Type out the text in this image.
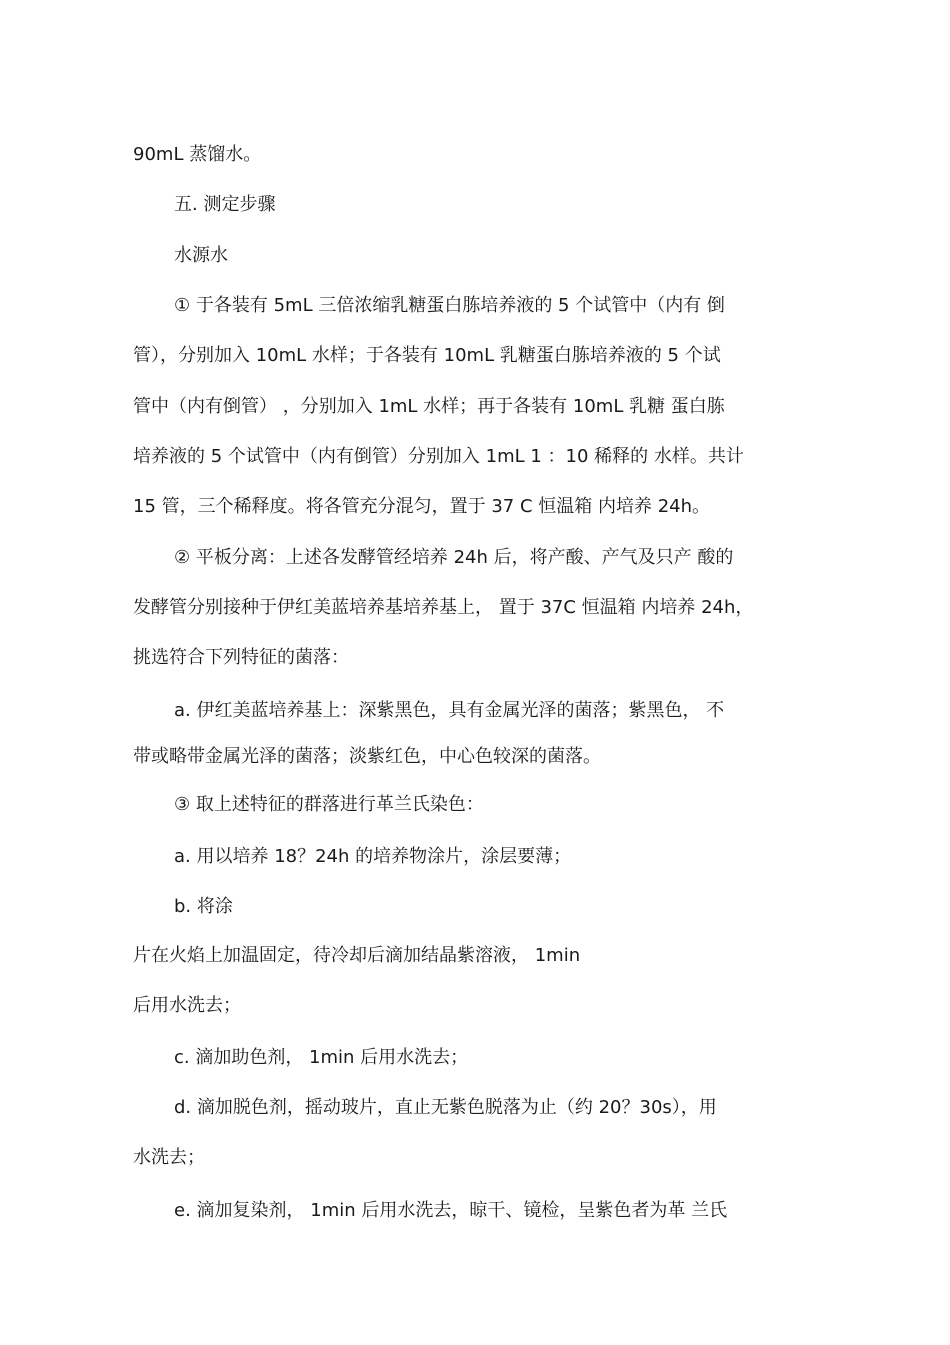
90mL 蒸馏水。
五. 测定步骤
水源水
① 于各装有 5mL 三倍浓缩乳糖蛋白胨培养液的 5 个试管中（内有 倒
管），分别加入 10mL 水样；于各装有 10mL 乳糖蛋白胨培养液的 5 个试
管中（内有倒管） ，分别加入 1mL 水样；再于各装有 10mL 乳糖 蛋白胨
培养液的 5 个试管中（内有倒管）分别加入 1mL 1 ：10 稀释的 水样。共计
15 管，三个稀释度。将各管充分混匀，置于 37 C 恒温箱 内培养 24h。
② 平板分离：上述各发酵管经培养 24h 后，将产酸、产气及只产 酸的
发酵管分别接种于伊红美蓝培养基培养基上， 置于 37C 恒温箱 内培养 24h，
挑选符合下列特征的菌落：
a. 伊红美蓝培养基上：深紫黑色，具有金属光泽的菌落；紫黑色， 不
带或略带金属光泽的菌落；淡紫红色，中心色较深的菌落。
③ 取上述特征的群落进行革兰氏染色：
a. 用以培养 18？24h 的培养物涂片，涂层要薄；
b. 将涂
片在火焰上加温固定，待冷却后滴加结晶紫溶液， 1min
后用水洗去；
c. 滴加助色剂， 1min 后用水洗去；
d. 滴加脱色剂，摇动玻片，直止无紫色脱落为止（约 20？30s），用
水洗去；
e. 滴加复染剂， 1min 后用水洗去，晾干、镜检，呈紫色者为革 兰氏
